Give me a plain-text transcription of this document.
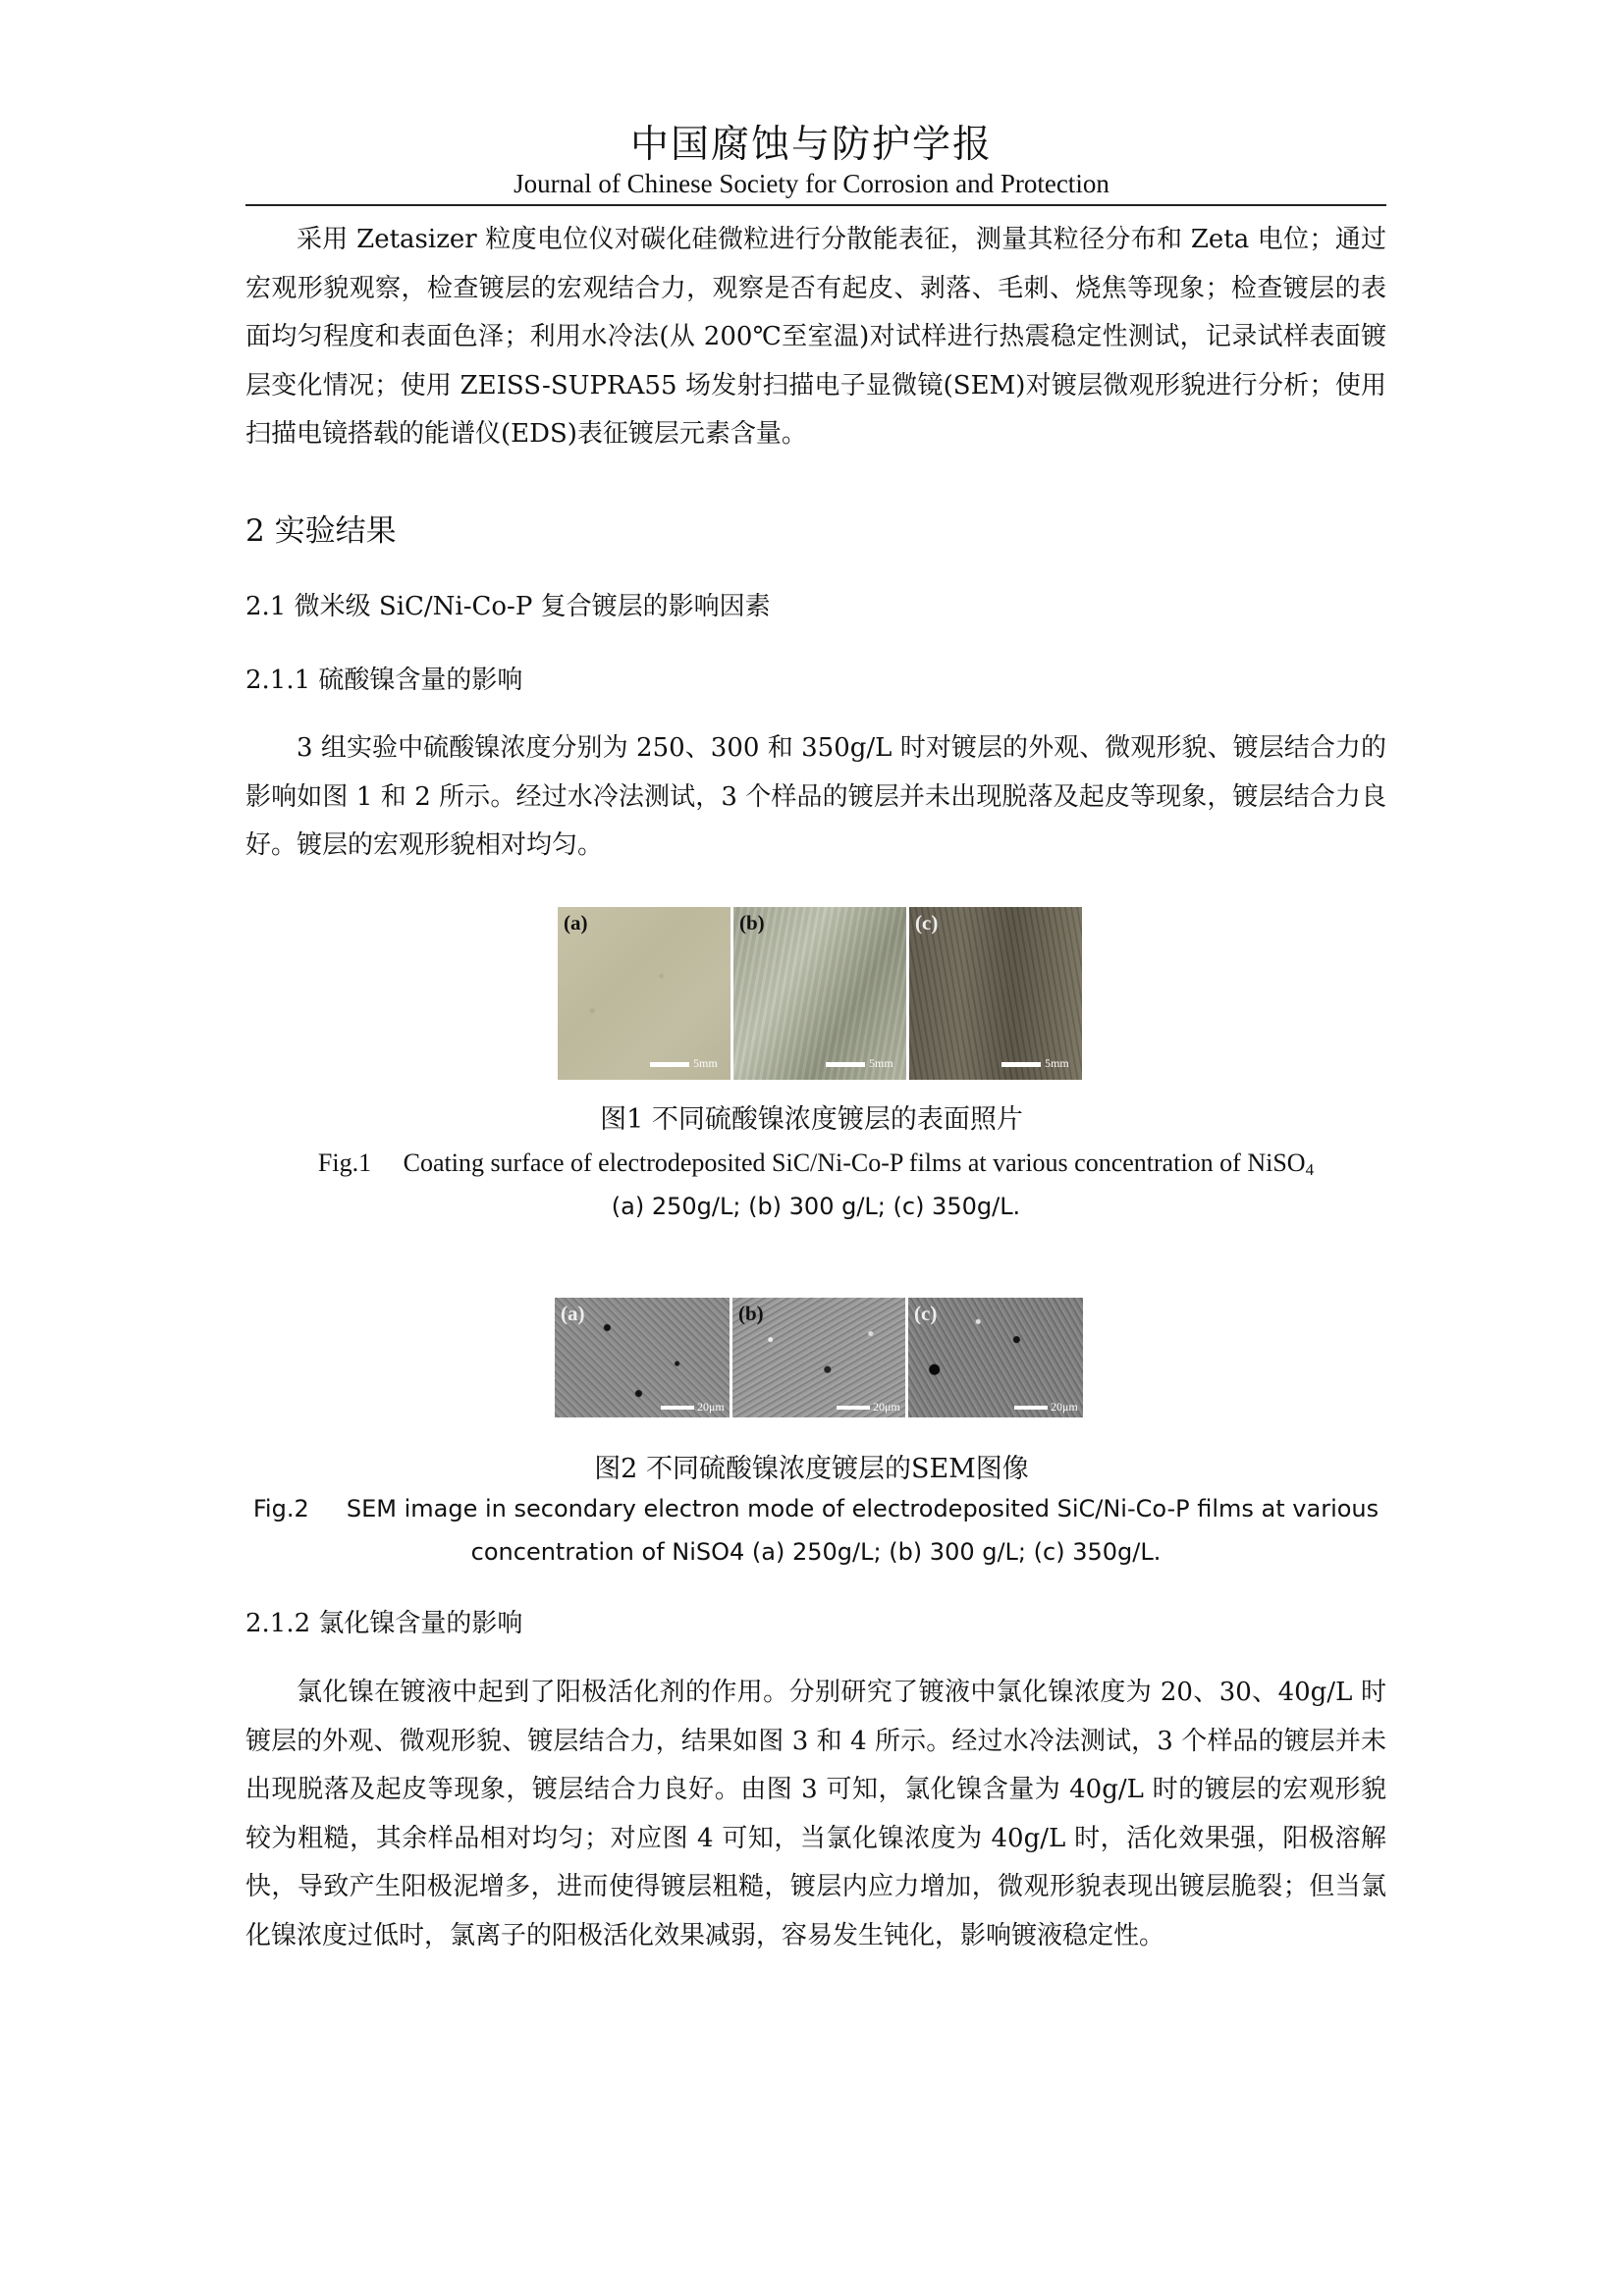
中国腐蚀与防护学报
Journal of Chinese Society for Corrosion and Protection

采用 Zetasizer 粒度电位仪对碳化硅微粒进行分散能表征，测量其粒径分布和 Zeta 电位；通过宏观形貌观察，检查镀层的宏观结合力，观察是否有起皮、剥落、毛刺、烧焦等现象；检查镀层的表面均匀程度和表面色泽；利用水冷法(从 200℃至室温)对试样进行热震稳定性测试，记录试样表面镀层变化情况；使用 ZEISS-SUPRA55 场发射扫描电子显微镜(SEM)对镀层微观形貌进行分析；使用扫描电镜搭载的能谱仪(EDS)表征镀层元素含量。

2 实验结果
2.1 微米级 SiC/Ni-Co-P 复合镀层的影响因素
2.1.1 硫酸镍含量的影响

3 组实验中硫酸镍浓度分别为 250、300 和 350g/L 时对镀层的外观、微观形貌、镀层结合力的影响如图 1 和 2 所示。经过水冷法测试，3 个样品的镀层并未出现脱落及起皮等现象，镀层结合力良好。镀层的宏观形貌相对均匀。

(a)
5mm
(b)
5mm
(c)
5mm
图1 不同硫酸镍浓度镀层的表面照片
Fig.1 Coating surface of electrodeposited SiC/Ni-Co-P films at various concentration of NiSO$_4$
(a) 250g/L; (b) 300 g/L; (c) 350g/L.
(a)
20μm
(b)
20μm
(c)
20μm
图2 不同硫酸镍浓度镀层的SEM图像
Fig.2 SEM image in secondary electron mode of electrodeposited SiC/Ni-Co-P films at various
concentration of NiSO4 (a) 250g/L; (b) 300 g/L; (c) 350g/L.
2.1.2 氯化镍含量的影响

氯化镍在镀液中起到了阳极活化剂的作用。分别研究了镀液中氯化镍浓度为 20、30、40g/L 时镀层的外观、微观形貌、镀层结合力，结果如图 3 和 4 所示。经过水冷法测试，3 个样品的镀层并未出现脱落及起皮等现象，镀层结合力良好。由图 3 可知，氯化镍含量为 40g/L 时的镀层的宏观形貌较为粗糙，其余样品相对均匀；对应图 4 可知，当氯化镍浓度为 40g/L 时，活化效果强，阳极溶解快，导致产生阳极泥增多，进而使得镀层粗糙，镀层内应力增加，微观形貌表现出镀层脆裂；但当氯化镍浓度过低时，氯离子的阳极活化效果减弱，容易发生钝化，影响镀液稳定性。
